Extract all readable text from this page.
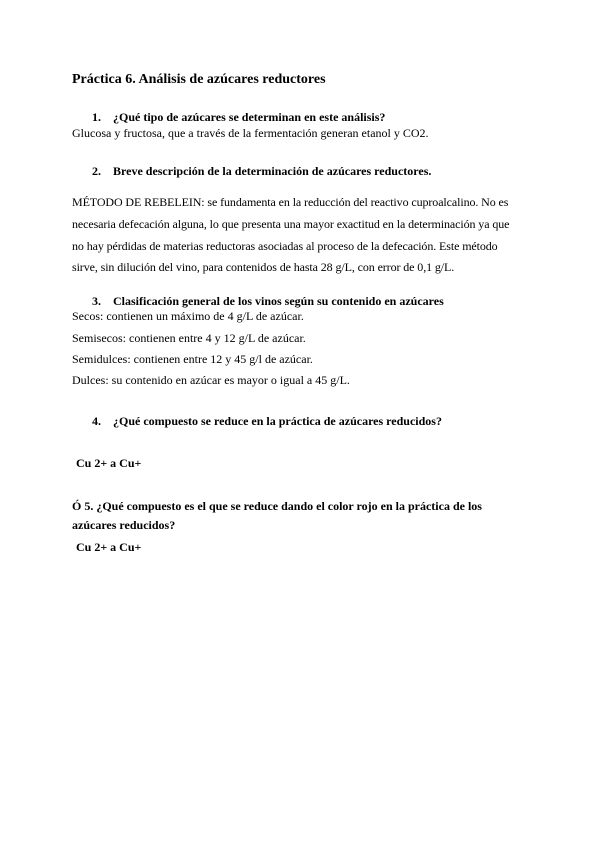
Práctica 6. Análisis de azúcares reductores
1. ¿Qué tipo de azúcares se determinan en este análisis?
Glucosa y fructosa, que a través de la fermentación generan etanol y CO2.
2. Breve descripción de la determinación de azúcares reductores.
MÉTODO DE REBELEIN: se fundamenta en la reducción del reactivo cuproalcalino. No es
necesaria defecación alguna, lo que presenta una mayor exactitud en la determinación ya que
no hay pérdidas de materias reductoras asociadas al proceso de la defecación. Este método
sirve, sin dilución del vino, para contenidos de hasta 28 g/L, con error de 0,1 g/L.
3. Clasificación general de los vinos según su contenido en azúcares
Secos: contienen un máximo de 4 g/L de azúcar.
Semisecos: contienen entre 4 y 12 g/L de azúcar.
Semidulces: contienen entre 12 y 45 g/l de azúcar.
Dulces: su contenido en azúcar es mayor o igual a 45 g/L.
4. ¿Qué compuesto se reduce en la práctica de azúcares reducidos?
Cu 2+ a Cu+
Ó 5. ¿Qué compuesto es el que se reduce dando el color rojo en la práctica de los
azúcares reducidos?
Cu 2+ a Cu+
